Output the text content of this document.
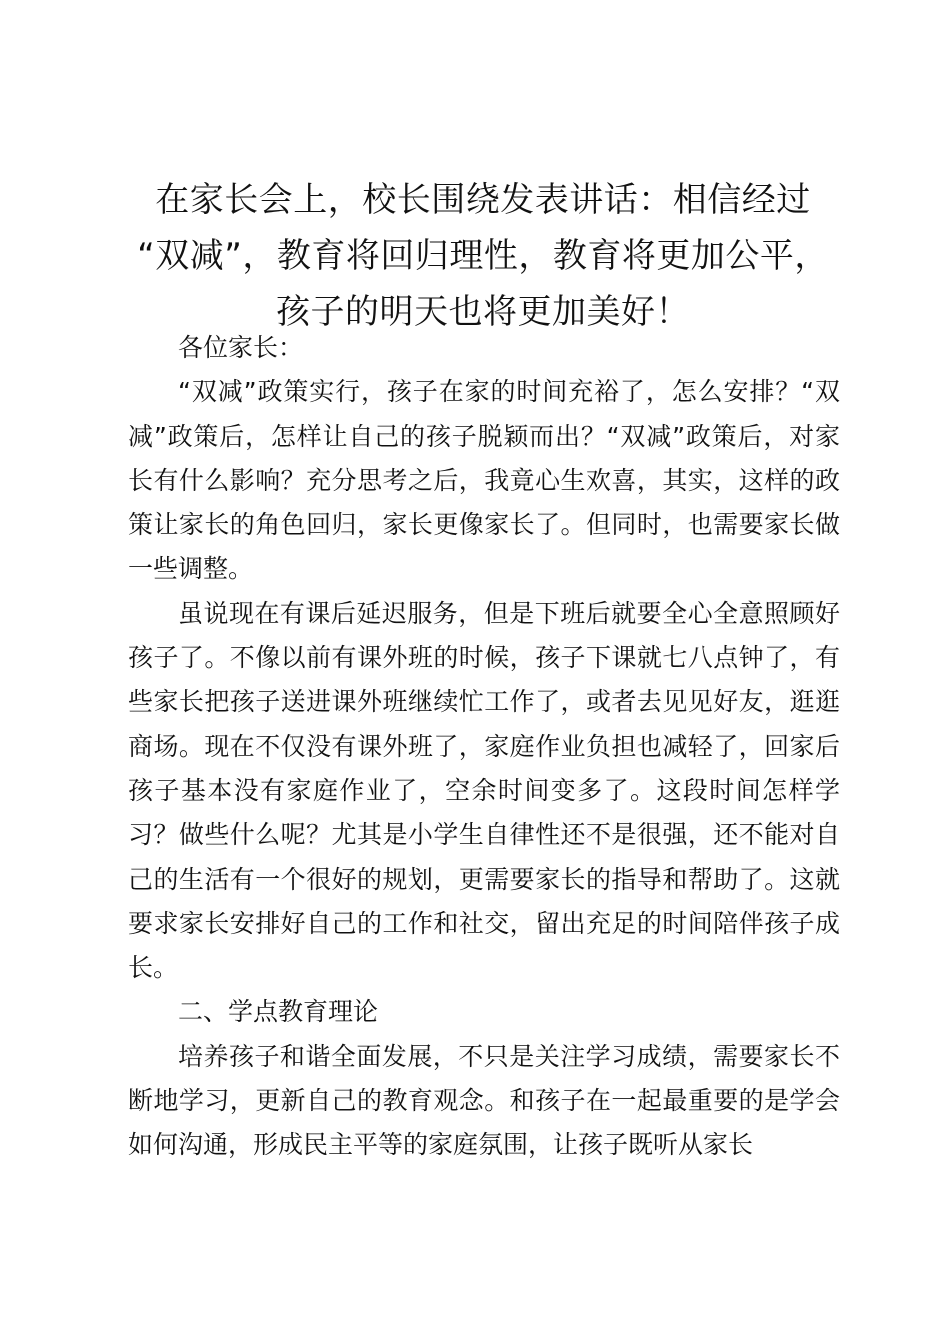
在家长会上，校长围绕发表讲话：相信经过
“双减”，教育将回归理性，教育将更加公平，
孩子的明天也将更加美好！

各位家长：

“双减”政策实行，孩子在家的时间充裕了，怎么安排？“双减”政策后，怎样让自己的孩子脱颖而出？“双减”政策后，对家长有什么影响？充分思考之后，我竟心生欢喜，其实，这样的政策让家长的角色回归，家长更像家长了。但同时，也需要家长做一些调整。

虽说现在有课后延迟服务，但是下班后就要全心全意照顾好孩子了。不像以前有课外班的时候，孩子下课就七八点钟了，有些家长把孩子送进课外班继续忙工作了，或者去见见好友，逛逛商场。现在不仅没有课外班了，家庭作业负担也减轻了，回家后孩子基本没有家庭作业了，空余时间变多了。这段时间怎样学习？做些什么呢？尤其是小学生自律性还不是很强，还不能对自己的生活有一个很好的规划，更需要家长的指导和帮助了。这就要求家长安排好自己的工作和社交，留出充足的时间陪伴孩子成长。

二、学点教育理论

培养孩子和谐全面发展，不只是关注学习成绩，需要家长不断地学习，更新自己的教育观念。和孩子在一起最重要的是学会如何沟通，形成民主平等的家庭氛围，让孩子既听从家长
